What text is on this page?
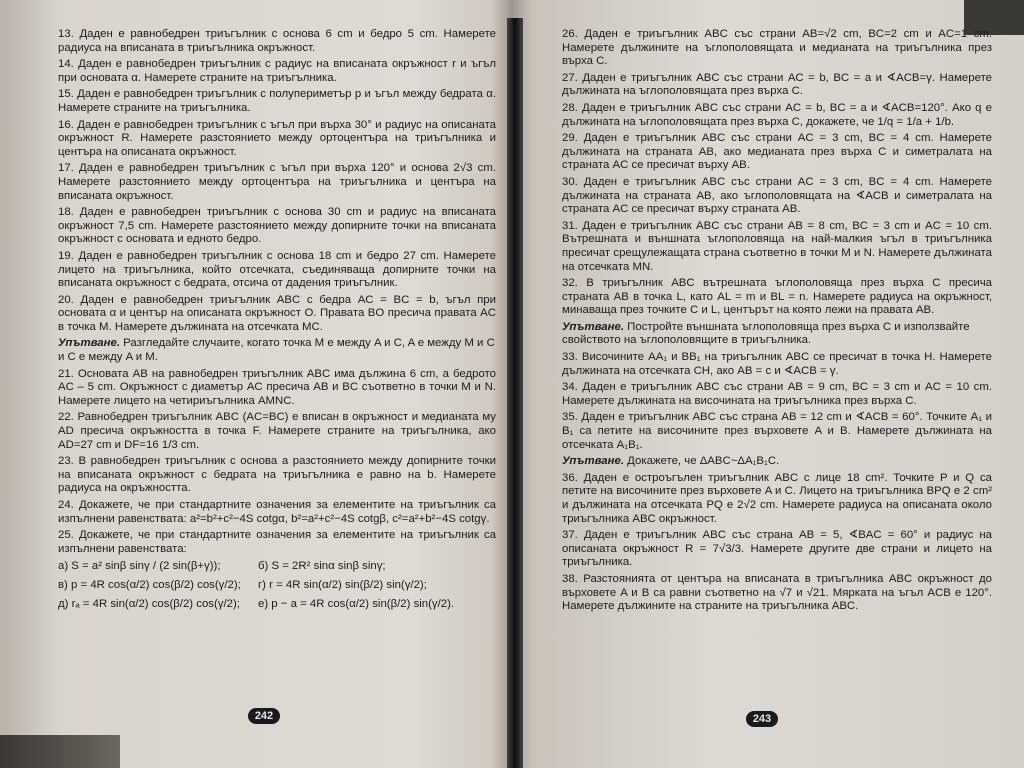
13. Даден е равнобедрен триъгълник с основа 6 cm и бедро 5 cm. Намерете радиуса на вписаната в триъгълника окръжност.

14. Даден е равнобедрен триъгълник с радиус на вписаната окръжност r и ъгъл при основата α. Намерете страните на триъгълника.

15. Даден е равнобедрен триъгълник с полупериметър p и ъгъл между бедрата α. Намерете страните на триъгълника.

16. Даден е равнобедрен триъгълник с ъгъл при върха 30° и радиус на описаната окръжност R. Намерете разстоянието между ортоцентъра на триъгълника и центъра на описаната окръжност.

17. Даден е равнобедрен триъгълник с ъгъл при върха 120° и основа 2√3 cm. Намерете разстоянието между ортоцентъра на триъгълника и центъра на вписаната окръжност.

18. Даден е равнобедрен триъгълник с основа 30 cm и радиус на вписаната окръжност 7,5 cm. Намерете разстоянието между допирните точки на вписаната окръжност с основата и едното бедро.

19. Даден е равнобедрен триъгълник с основа 18 cm и бедро 27 cm. Намерете лицето на триъгълника, който отсечката, съединяваща допирните точки на вписаната окръжност с бедрата, отсича от дадения триъгълник.

20. Даден е равнобедрен триъгълник ABC с бедра AC = BC = b, ъгъл при основата α и център на описаната окръжност O. Правата BO пресича правата AC в точка M. Намерете дължината на отсечката MC.

Упътване. Разгледайте случаите, когато точка M е между A и C, A е между M и C и C е между A и M.

21. Основата AB на равнобедрен триъгълник ABC има дължина 6 cm, а бедрото AC – 5 cm. Окръжност с диаметър AC пресича AB и BC съответно в точки M и N. Намерете лицето на четириъгълника AMNC.

22. Равнобедрен триъгълник ABC (AC=BC) е вписан в окръжност и медианата му AD пресича окръжността в точка F. Намерете страните на триъгълника, ако AD=27 cm и DF=16 1/3 cm.

23. В равнобедрен триъгълник с основа a разстоянието между допирните точки на вписаната окръжност с бедрата на триъгълника е равно на b. Намерете радиуса на окръжността.

24. Докажете, че при стандартните означения за елементите на триъгълник са изпълнени равенствата: a²=b²+c²−4S cotgα, b²=a²+c²−4S cotgβ, c²=a²+b²−4S cotgγ.

25. Докажете, че при стандартните означения за елементите на триъгълник са изпълнени равенствата:

а) S = a² sinβ sinγ / (2 sin(β+γ));	б) S = 2R² sinα sinβ sinγ;
в) p = 4R cos(α/2) cos(β/2) cos(γ/2);	г) r = 4R sin(α/2) sin(β/2) sin(γ/2);
д) rₐ = 4R sin(α/2) cos(β/2) cos(γ/2);	е) p − a = 4R cos(α/2) sin(β/2) sin(γ/2).
242

26. Даден е триъгълник ABC със страни AB=√2 cm, BC=2 cm и AC=1 cm. Намерете дължините на ъглополовящата и медианата на триъгълника през върха C.

27. Даден е триъгълник ABC със страни AC = b, BC = a и ∢ACB=γ. Намерете дължината на ъглополовящата през върха C.

28. Даден е триъгълник ABC със страни AC = b, BC = a и ∢ACB=120°. Ако q е дължината на ъглополовящата през върха C, докажете, че 1/q = 1/a + 1/b.

29. Даден е триъгълник ABC със страни AC = 3 cm, BC = 4 cm. Намерете дължината на страната AB, ако медианата през върха C и симетралата на страната AC се пресичат върху AB.

30. Даден е триъгълник ABC със страни AC = 3 cm, BC = 4 cm. Намерете дължината на страната AB, ако ъглополовящата на ∢ACB и симетралата на страната AC се пресичат върху страната AB.

31. Даден е триъгълник ABC със страни AB = 8 cm, BC = 3 cm и AC = 10 cm. Вътрешната и външната ъглополовяща на най-малкия ъгъл в триъгълника пресичат срещулежащата страна съответно в точки M и N. Намерете дължината на отсечката MN.

32. В триъгълник ABC вътрешната ъглополовяща през върха C пресича страната AB в точка L, като AL = m и BL = n. Намерете радиуса на окръжност, минаваща през точките C и L, центърът на която лежи на правата AB.

Упътване. Постройте външната ъглополовяща през върха C и използвайте свойството на ъглополовящите в триъгълника.

33. Височините AA₁ и BB₁ на триъгълник ABC се пресичат в точка H. Намерете дължината на отсечката CH, ако AB = c и ∢ACB = γ.

34. Даден е триъгълник ABC със страни AB = 9 cm, BC = 3 cm и AC = 10 cm. Намерете дължината на височината на триъгълника през върха C.

35. Даден е триъгълник ABC със страна AB = 12 cm и ∢ACB = 60°. Точките A₁ и B₁ са петите на височините през върховете A и B. Намерете дължината на отсечката A₁B₁.

Упътване. Докажете, че ΔABC~ΔA₁B₁C.

36. Даден е остроъгълен триъгълник ABC с лице 18 cm². Точките P и Q са петите на височините през върховете A и C. Лицето на триъгълника BPQ е 2 cm² и дължината на отсечката PQ е 2√2 cm. Намерете радиуса на описаната около триъгълника ABC окръжност.

37. Даден е триъгълник ABC със страна AB = 5, ∢BAC = 60° и радиус на описаната окръжност R = 7√3/3. Намерете другите две страни и лицето на триъгълника.

38. Разстоянията от центъра на вписаната в триъгълника ABC окръжност до върховете A и B са равни съответно на √7 и √21. Мярката на ъгъл ACB е 120°. Намерете дължините на страните на триъгълника ABC.

243
